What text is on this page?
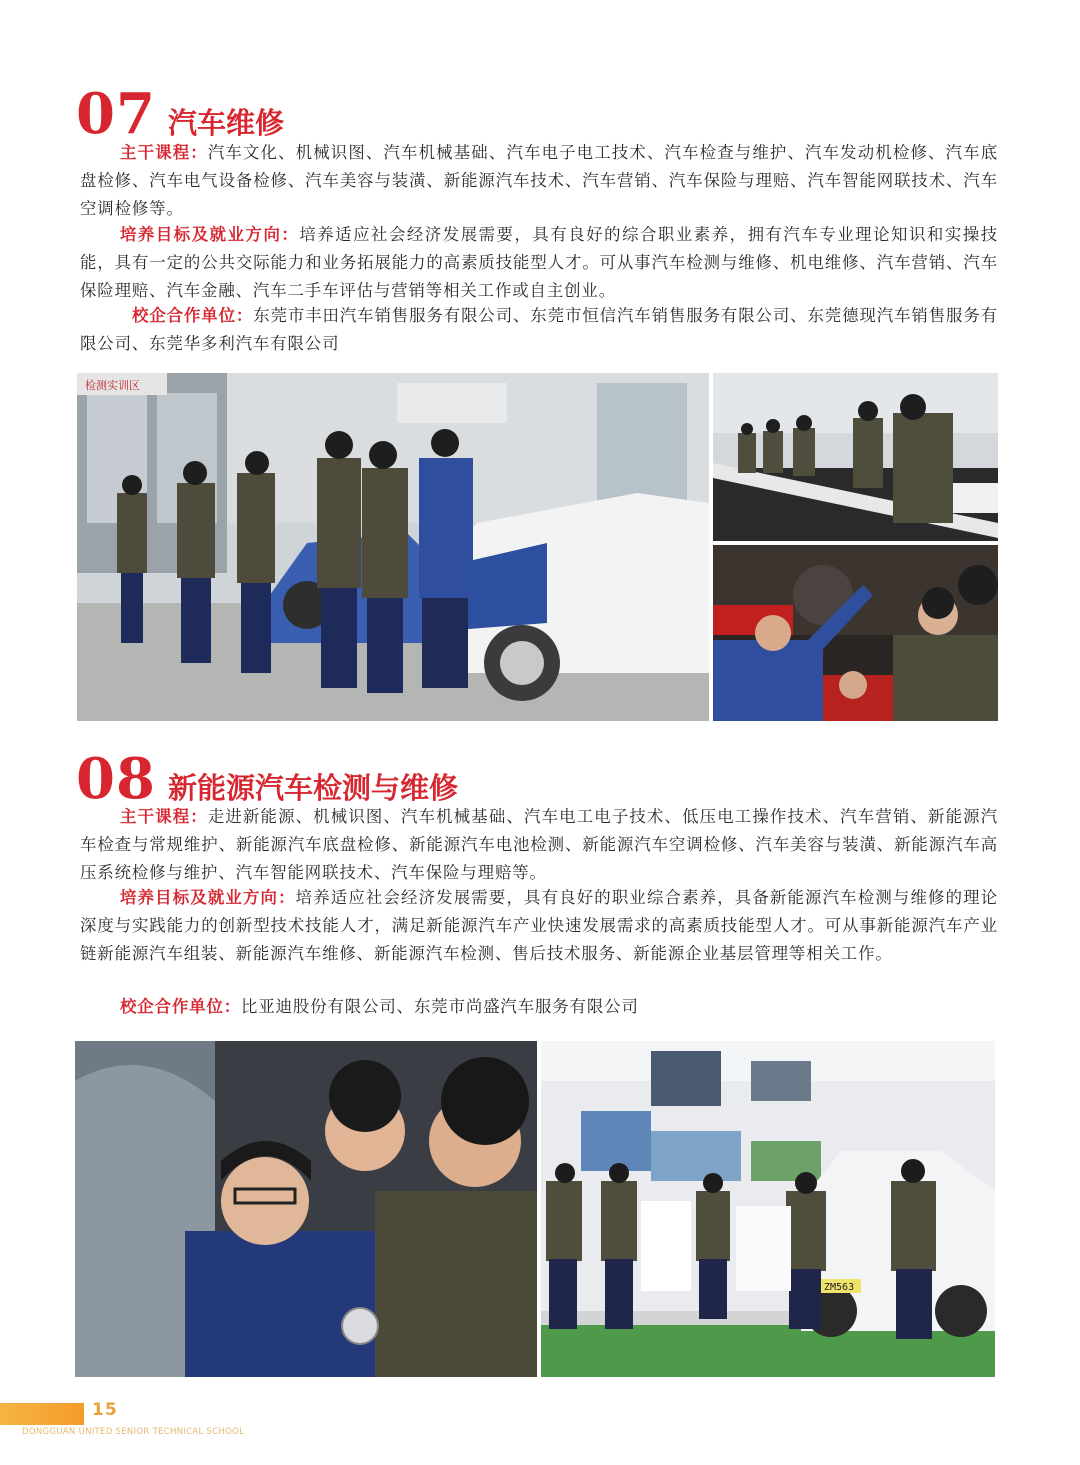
07 汽车维修

主干课程：汽车文化、机械识图、汽车机械基础、汽车电子电工技术、汽车检查与维护、汽车发动机检修、汽车底盘检修、汽车电气设备检修、汽车美容与装潢、新能源汽车技术、汽车营销、汽车保险与理赔、汽车智能网联技术、汽车空调检修等。

培养目标及就业方向：培养适应社会经济发展需要，具有良好的综合职业素养，拥有汽车专业理论知识和实操技能，具有一定的公共交际能力和业务拓展能力的高素质技能型人才。可从事汽车检测与维修、机电维修、汽车营销、汽车保险理赔、汽车金融、汽车二手车评估与营销等相关工作或自主创业。

校企合作单位：东莞市丰田汽车销售服务有限公司、东莞市恒信汽车销售服务有限公司、东莞德现汽车销售服务有限公司、东莞华多利汽车有限公司

检测实训区
08 新能源汽车检测与维修

主干课程：走进新能源、机械识图、汽车机械基础、汽车电工电子技术、低压电工操作技术、汽车营销、新能源汽车检查与常规维护、新能源汽车底盘检修、新能源汽车电池检测、新能源汽车空调检修、汽车美容与装潢、新能源汽车高压系统检修与维护、汽车智能网联技术、汽车保险与理赔等。

培养目标及就业方向：培养适应社会经济发展需要，具有良好的职业综合素养，具备新能源汽车检测与维修的理论深度与实践能力的创新型技术技能人才，满足新能源汽车产业快速发展需求的高素质技能型人才。可从事新能源汽车产业链新能源汽车组装、新能源汽车维修、新能源汽车检测、售后技术服务、新能源企业基层管理等相关工作。

校企合作单位：比亚迪股份有限公司、东莞市尚盛汽车服务有限公司

ZM563
15
DONGGUAN UNITED SENIOR TECHNICAL SCHOOL
